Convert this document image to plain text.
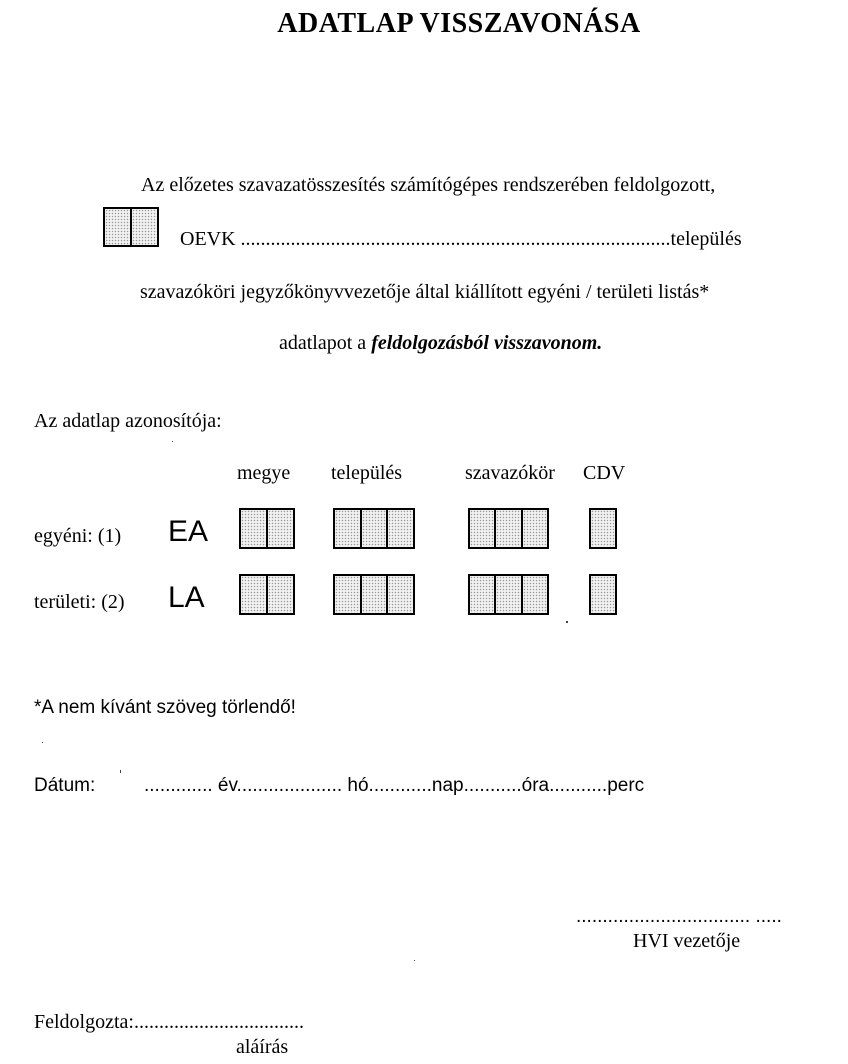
ADATLAP VISSZAVONÁSA
Az előzetes szavazatösszesítés számítógépes rendszerében feldolgozott,
OEVK ......................................................................................település
szavazóköri jegyzőkönyvvezetője által kiállított egyéni / területi listás*
adatlapot a feldolgozásból visszavonom.
Az adatlap azonosítója:
megye település	szavazókör CDV
egyéni: (1) EA
területi: (2) LA
*A nem kívánt szöveg törlendő!
Dátum:	............. év.................... hó............nap...........óra...........perc
................................. .....
HVI vezetője
Feldolgozta:..................................
aláírás
